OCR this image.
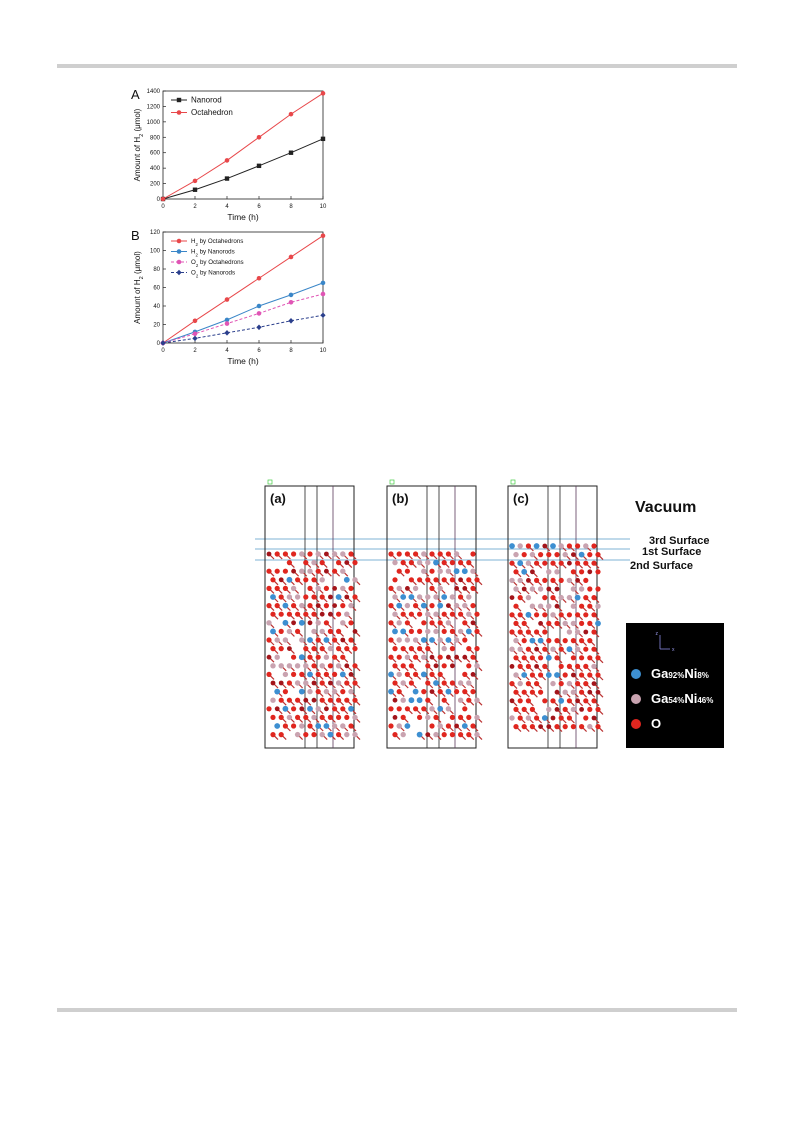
A
0	2	4	6	8	10
0
200
400
600
800
1000
1200
1400
Time (h)
Amount of $H_2$ (μmol)
Nanorod
Octahedron
B
0	2	4	6	8	10
0
20
40
60
80
100
120
Time (h)
Amount of $H_2$ (μmol)
$H_2$ by Octahedrons
$H_2$ by Nanorods
$O_2$ by Octahedrons
$O_2$ by Nanorods
(a)	(b)	(c)
Vacuum
3rd Surface
1st Surface
2nd Surface
z
x
Ga92%Ni8%
Ga54%Ni46%
O
